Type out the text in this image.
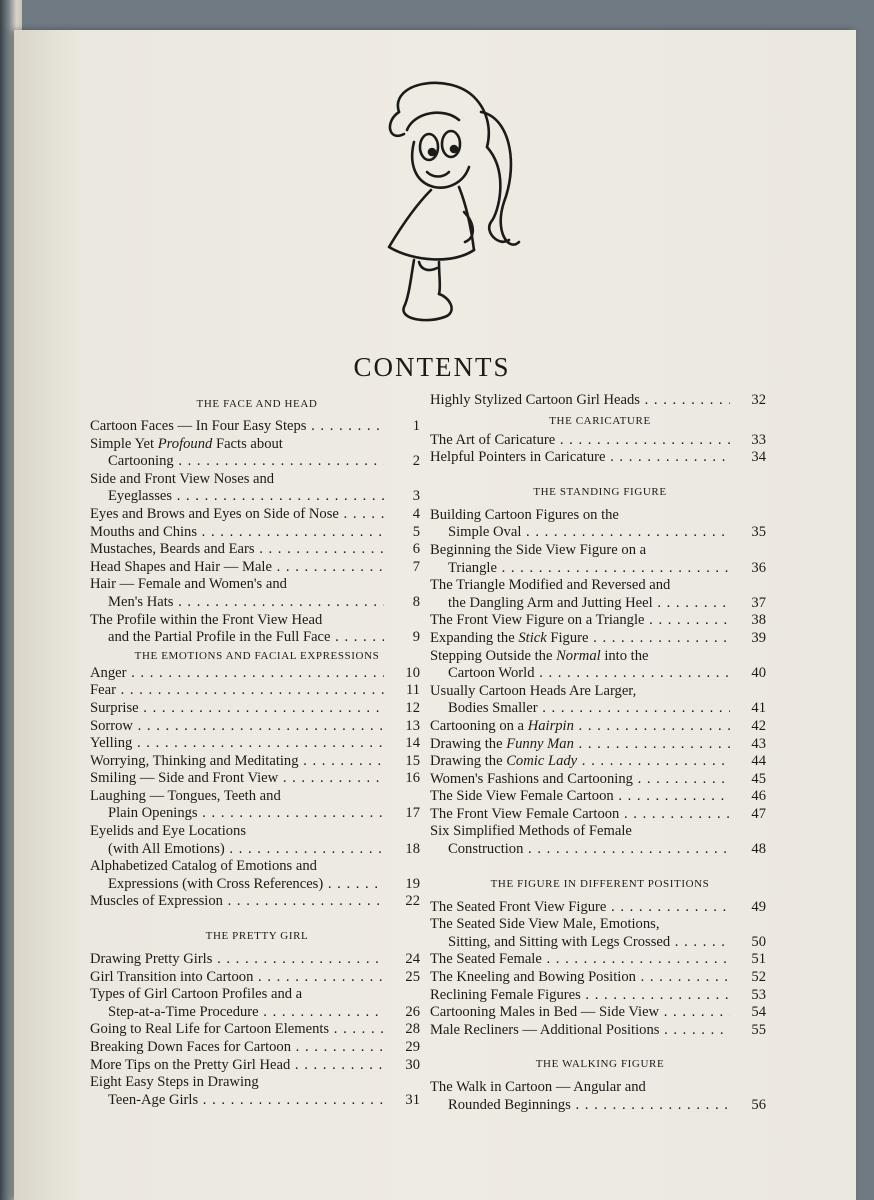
CONTENTS
THE FACE AND HEAD
Cartoon Faces — In Four Easy Steps . . .	1
Simple Yet Profound Facts about
Cartooning . . .	2
Side and Front View Noses and
Eyeglasses . . .	3
Eyes and Brows and Eyes on Side of Nose . . .	4
Mouths and Chins . . .	5
Mustaches, Beards and Ears . . .	6
Head Shapes and Hair — Male . . .	7
Hair — Female and Women's and
Men's Hats . . .	8
The Profile within the Front View Head
and the Partial Profile in the Full Face . . .	9
THE EMOTIONS AND FACIAL EXPRESSIONS
Anger . . .	10
Fear . . .	11
Surprise . . .	12
Sorrow . . .	13
Yelling . . .	14
Worrying, Thinking and Meditating . . .	15
Smiling — Side and Front View . . .	16
Laughing — Tongues, Teeth and
Plain Openings . . .	17
Eyelids and Eye Locations
(with All Emotions) . . .	18
Alphabetized Catalog of Emotions and
Expressions (with Cross References) . . .	19
Muscles of Expression . . .	22
THE PRETTY GIRL
Drawing Pretty Girls . . .	24
Girl Transition into Cartoon . . .	25
Types of Girl Cartoon Profiles and a
Step-at-a-Time Procedure . . .	26
Going to Real Life for Cartoon Elements . . .	28
Breaking Down Faces for Cartoon . . .	29
More Tips on the Pretty Girl Head . . .	30
Eight Easy Steps in Drawing
Teen-Age Girls . . .	31
Highly Stylized Cartoon Girl Heads . . .	32
THE CARICATURE
The Art of Caricature . . .	33
Helpful Pointers in Caricature . . .	34
THE STANDING FIGURE
Building Cartoon Figures on the
Simple Oval . . .	35
Beginning the Side View Figure on a
Triangle . . .	36
The Triangle Modified and Reversed and
the Dangling Arm and Jutting Heel . . .	37
The Front View Figure on a Triangle . . .	38
Expanding the Stick Figure . . .	39
Stepping Outside the Normal into the
Cartoon World . . .	40
Usually Cartoon Heads Are Larger,
Bodies Smaller . . .	41
Cartooning on a Hairpin . . .	42
Drawing the Funny Man . . .	43
Drawing the Comic Lady . . .	44
Women's Fashions and Cartooning . . .	45
The Side View Female Cartoon . . .	46
The Front View Female Cartoon . . .	47
Six Simplified Methods of Female
Construction . . .	48
THE FIGURE IN DIFFERENT POSITIONS
The Seated Front View Figure . . .	49
The Seated Side View Male, Emotions,
Sitting, and Sitting with Legs Crossed . . .	50
The Seated Female . . .	51
The Kneeling and Bowing Position . . .	52
Reclining Female Figures . . .	53
Cartooning Males in Bed — Side View . . .	54
Male Recliners — Additional Positions . . .	55
THE WALKING FIGURE
The Walk in Cartoon — Angular and
Rounded Beginnings . . .	56
